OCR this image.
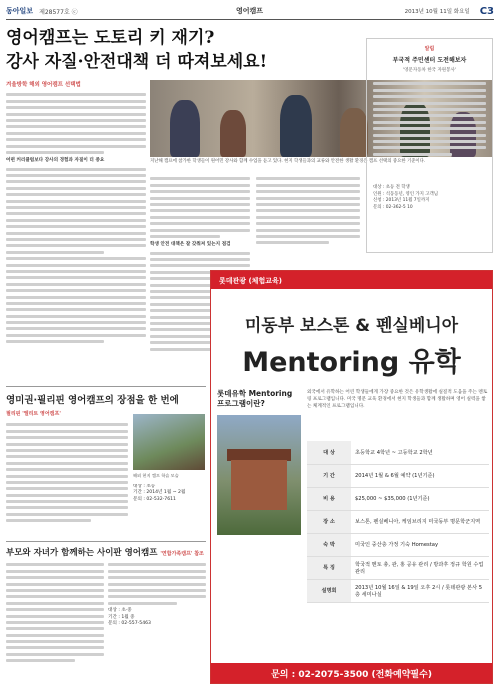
동아일보 제28577호 ⓒ	영어캠프	2013년 10월 11일 화요일 C3
영어캠프는 도토리 키 재기?
강사 자질·안전대책 더 따져보세요!
겨울방학 해외 영어캠프 선택법
어떤 커리큘럼보다 강사의 경험과 자질이 더 중요	지난해 캠프에 참가한 학생들이 원어민 강사와 함께 수업을 듣고 있다. 현지 학생들과의 교류와 안전한 생활 환경은 캠프 선택의 중요한 기준이다.
학생 안전 대책은 잘 갖춰져 있는지 점검
알림
부국적 주민센터 도전해보자
'영문자동차 한국 자원봉사'
대상 : 초등 전 학생
인원 : 석동동년, 영인 가지 고객님
신청 : 2013년 11월 7일까지
문의 : 02-362-5 10
영미권·필리핀 영어캠프의 장점을 한 번에
필리핀 '엘리트 영어캠프'
해외 현지 캠프 학습 모습
대상 : 초등
기간 : 2014년 1월 ~ 2월
문의 : 02-532-7611
부모와 자녀가 함께하는 사이판 영어캠프 '연합가족캠프' 참조
대상 : 초·중
기간 : 1월 중
문의 : 02-557-5463
롯데관광 (체험교육)
미동부 보스톤 & 펜실베니아
Mentoring 유학
롯데유학 Mentoring 프로그램이란?
외국에서 유학하는 어린 학생들에게 가장 중요한 것은 유학생활에 실질적 도움을 주는 멘토링 프로그램입니다. 미국 명문 교육 환경에서 현지 학생들과 함께 생활하며 영어 실력을 쌓는 체계적인 프로그램입니다.
대 상	초등학교 4학년 ~ 고등학교 2학년
기 간	2014년 1월 & 6월 예약 (1년기준)
비 용	$25,000 ~ $35,000 (1년기준)
장 소	보스톤, 펜실베니아, 케임브리지 미국동부 명문학군지역
숙 박	미국인 중산층 가정 기숙 Homestay
특 징	학국적 멘토 총, 관, 홍 공유 관리 / 방과후 정규 학원 수업 관리
설명회	2013년 10월 16일 & 19일 오후 2시 / 롯데관광 본사 5층 세미나실
문의 : 02-2075-3500 (전화예약필수)
